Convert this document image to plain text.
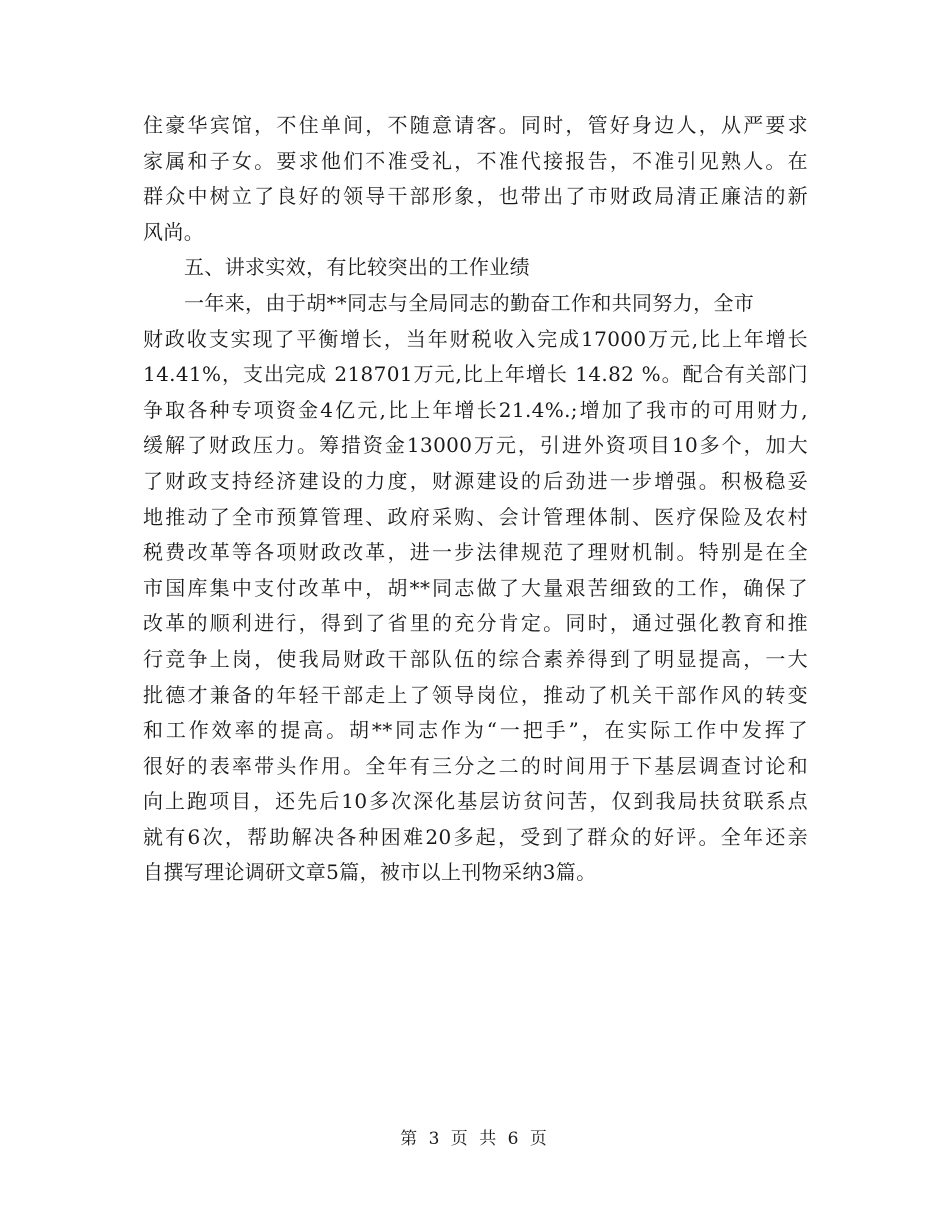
住豪华宾馆，不住单间，不随意请客。同时，管好身边人，从严要求
家属和子女。要求他们不准受礼，不准代接报告，不准引见熟人。在
群众中树立了良好的领导干部形象，也带出了市财政局清正廉洁的新
风尚。
五、讲求实效，有比较突出的工作业绩
一年来，由于胡**同志与全局同志的勤奋工作和共同努力，全市
财政收支实现了平衡增长，当年财税收入完成17000万元,比上年增长
14.41%，支出完成 218701万元,比上年增长 14.82 %。配合有关部门
争取各种专项资金4亿元,比上年增长21.4%.;增加了我市的可用财力,
缓解了财政压力。筹措资金13000万元，引进外资项目10多个，加大
了财政支持经济建设的力度，财源建设的后劲进一步增强。积极稳妥
地推动了全市预算管理、政府采购、会计管理体制、医疗保险及农村
税费改革等各项财政改革，进一步法律规范了理财机制。特别是在全
市国库集中支付改革中，胡**同志做了大量艰苦细致的工作，确保了
改革的顺利进行，得到了省里的充分肯定。同时，通过强化教育和推
行竞争上岗，使我局财政干部队伍的综合素养得到了明显提高，一大
批德才兼备的年轻干部走上了领导岗位，推动了机关干部作风的转变
和工作效率的提高。胡**同志作为“一把手”，在实际工作中发挥了
很好的表率带头作用。全年有三分之二的时间用于下基层调查讨论和
向上跑项目，还先后10多次深化基层访贫问苦，仅到我局扶贫联系点
就有6次，帮助解决各种困难20多起，受到了群众的好评。全年还亲
自撰写理论调研文章5篇，被市以上刊物采纳3篇。
第 3 页 共 6 页
